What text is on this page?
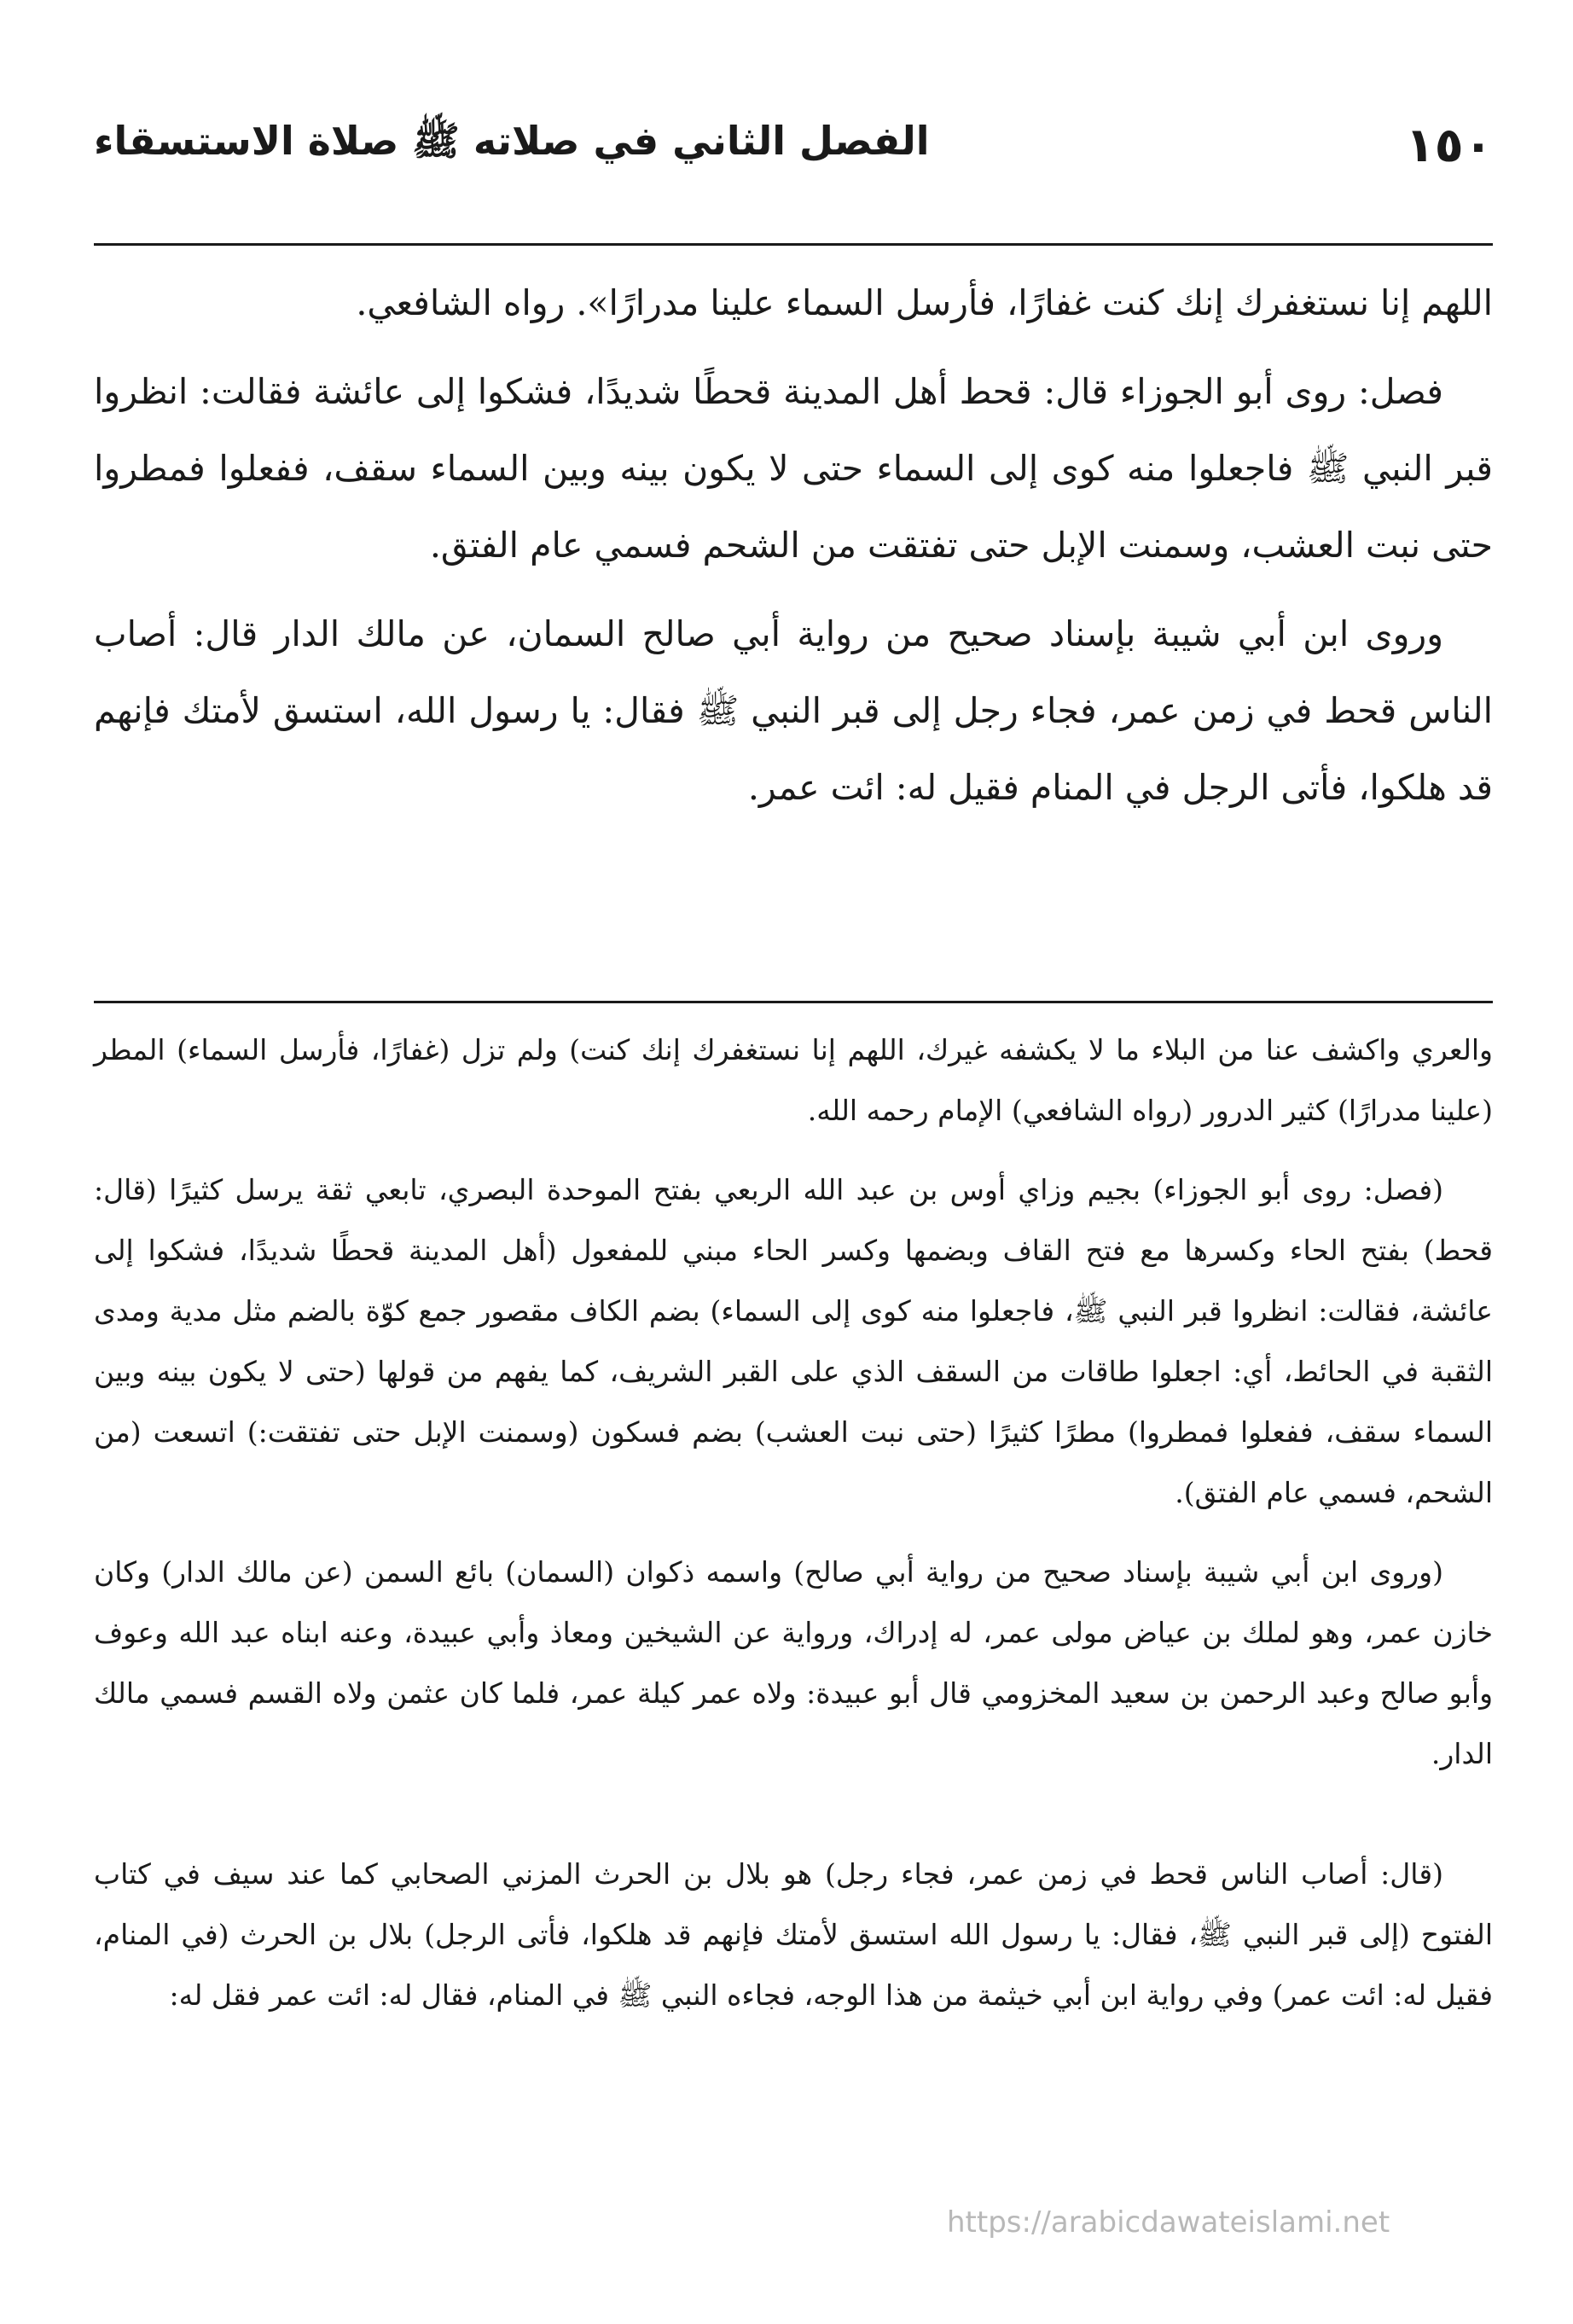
١٥٠
الفصل الثاني في صلاته ﷺ صلاة الاستسقاء

اللهم إنا نستغفرك إنك كنت غفارًا، فأرسل السماء علينا مدرارًا». رواه الشافعي.

فصل: روى أبو الجوزاء قال: قحط أهل المدينة قحطًا شديدًا، فشكوا إلى عائشة فقالت: انظروا قبر النبي ﷺ فاجعلوا منه كوى إلى السماء حتى لا يكون بينه وبين السماء سقف، ففعلوا فمطروا حتى نبت العشب، وسمنت الإبل حتى تفتقت من الشحم فسمي عام الفتق.

وروى ابن أبي شيبة بإسناد صحيح من رواية أبي صالح السمان، عن مالك الدار قال: أصاب الناس قحط في زمن عمر، فجاء رجل إلى قبر النبي ﷺ فقال: يا رسول الله، استسق لأمتك فإنهم قد هلكوا، فأتى الرجل في المنام فقيل له: ائت عمر.

والعري واكشف عنا من البلاء ما لا يكشفه غيرك، اللهم إنا نستغفرك إنك كنت) ولم تزل (غفارًا، فأرسل السماء) المطر (علينا مدرارًا) كثير الدرور (رواه الشافعي) الإمام رحمه الله.

(فصل: روى أبو الجوزاء) بجيم وزاي أوس بن عبد الله الربعي بفتح الموحدة البصري، تابعي ثقة يرسل كثيرًا (قال: قحط) بفتح الحاء وكسرها مع فتح القاف وبضمها وكسر الحاء مبني للمفعول (أهل المدينة قحطًا شديدًا، فشكوا إلى عائشة، فقالت: انظروا قبر النبي ﷺ، فاجعلوا منه كوى إلى السماء) بضم الكاف مقصور جمع كوّة بالضم مثل مدية ومدى الثقبة في الحائط، أي: اجعلوا طاقات من السقف الذي على القبر الشريف، كما يفهم من قولها (حتى لا يكون بينه وبين السماء سقف، ففعلوا فمطروا) مطرًا كثيرًا (حتى نبت العشب) بضم فسكون (وسمنت الإبل حتى تفتقت:) اتسعت (من الشحم، فسمي عام الفتق).

(وروى ابن أبي شيبة بإسناد صحيح من رواية أبي صالح) واسمه ذكوان (السمان) بائع السمن (عن مالك الدار) وكان خازن عمر، وهو لملك بن عياض مولى عمر، له إدراك، ورواية عن الشيخين ومعاذ وأبي عبيدة، وعنه ابناه عبد الله وعوف وأبو صالح وعبد الرحمن بن سعيد المخزومي قال أبو عبيدة: ولاه عمر كيلة عمر، فلما كان عثمن ولاه القسم فسمي مالك الدار.

(قال: أصاب الناس قحط في زمن عمر، فجاء رجل) هو بلال بن الحرث المزني الصحابي كما عند سيف في كتاب الفتوح (إلى قبر النبي ﷺ، فقال: يا رسول الله استسق لأمتك فإنهم قد هلكوا، فأتى الرجل) بلال بن الحرث (في المنام، فقيل له: ائت عمر) وفي رواية ابن أبي خيثمة من هذا الوجه، فجاءه النبي ﷺ في المنام، فقال له: ائت عمر فقل له:

https://arabicdawateislami.net
